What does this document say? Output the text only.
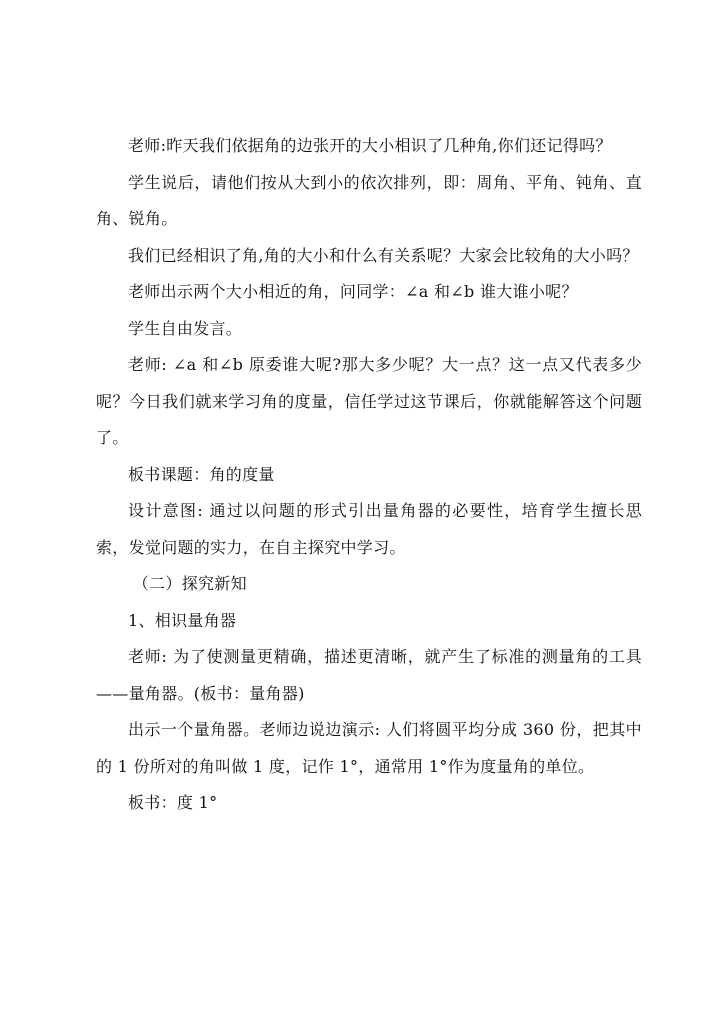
老师:昨天我们依据角的边张开的大小相识了几种角,你们还记得吗？

学生说后，请他们按从大到小的依次排列，即：周角、平角、钝角、直角、锐角。

我们已经相识了角,角的大小和什么有关系呢？大家会比较角的大小吗？

老师出示两个大小相近的角，问同学：∠a 和∠b 谁大谁小呢？

学生自由发言。

老师: ∠a 和∠b 原委谁大呢?那大多少呢？大一点？这一点又代表多少呢？今日我们就来学习角的度量，信任学过这节课后，你就能解答这个问题了。

板书课题：角的度量

设计意图: 通过以问题的形式引出量角器的必要性，培育学生擅长思索，发觉问题的实力，在自主探究中学习。

（二）探究新知

1、相识量角器

老师: 为了使测量更精确，描述更清晰，就产生了标准的测量角的工具——量角器。(板书：量角器)

出示一个量角器。老师边说边演示: 人们将圆平均分成 360 份，把其中的 1 份所对的角叫做 1 度，记作 1°，通常用 1°作为度量角的单位。

板书：度 1°
